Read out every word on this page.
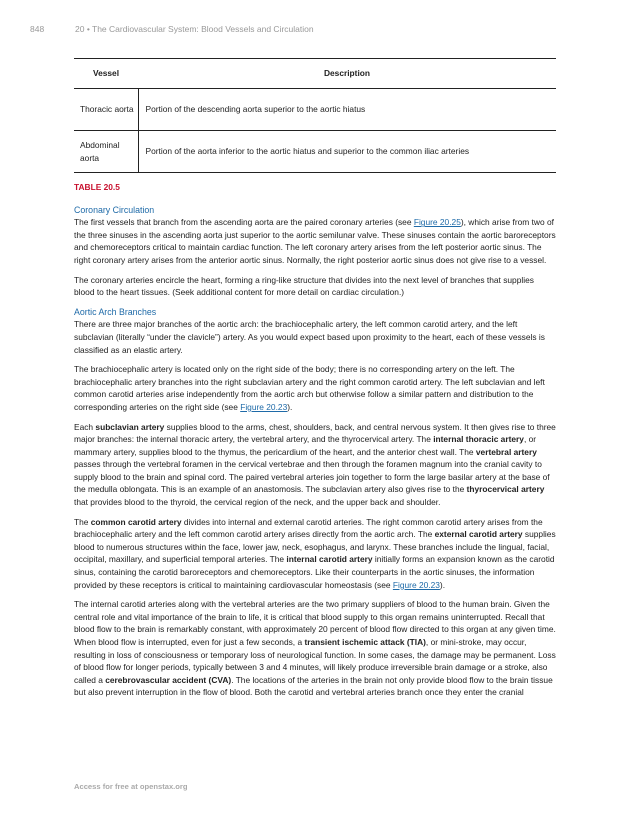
848	20 • The Cardiovascular System: Blood Vessels and Circulation
Vessel	Description
Thoracic aorta	Portion of the descending aorta superior to the aortic hiatus
Abdominal aorta	Portion of the aorta inferior to the aortic hiatus and superior to the common iliac arteries
TABLE 20.5
Coronary Circulation

The first vessels that branch from the ascending aorta are the paired coronary arteries (see Figure 20.25), which arise from two of the three sinuses in the ascending aorta just superior to the aortic semilunar valve. These sinuses contain the aortic baroreceptors and chemoreceptors critical to maintain cardiac function. The left coronary artery arises from the left posterior aortic sinus. The right coronary artery arises from the anterior aortic sinus. Normally, the right posterior aortic sinus does not give rise to a vessel.

The coronary arteries encircle the heart, forming a ring-like structure that divides into the next level of branches that supplies blood to the heart tissues. (Seek additional content for more detail on cardiac circulation.)

Aortic Arch Branches

There are three major branches of the aortic arch: the brachiocephalic artery, the left common carotid artery, and the left subclavian (literally “under the clavicle”) artery. As you would expect based upon proximity to the heart, each of these vessels is classified as an elastic artery.

The brachiocephalic artery is located only on the right side of the body; there is no corresponding artery on the left. The brachiocephalic artery branches into the right subclavian artery and the right common carotid artery. The left subclavian and left common carotid arteries arise independently from the aortic arch but otherwise follow a similar pattern and distribution to the corresponding arteries on the right side (see Figure 20.23).

Each subclavian artery supplies blood to the arms, chest, shoulders, back, and central nervous system. It then gives rise to three major branches: the internal thoracic artery, the vertebral artery, and the thyrocervical artery. The internal thoracic artery, or mammary artery, supplies blood to the thymus, the pericardium of the heart, and the anterior chest wall. The vertebral artery passes through the vertebral foramen in the cervical vertebrae and then through the foramen magnum into the cranial cavity to supply blood to the brain and spinal cord. The paired vertebral arteries join together to form the large basilar artery at the base of the medulla oblongata. This is an example of an anastomosis. The subclavian artery also gives rise to the thyrocervical artery that provides blood to the thyroid, the cervical region of the neck, and the upper back and shoulder.

The common carotid artery divides into internal and external carotid arteries. The right common carotid artery arises from the brachiocephalic artery and the left common carotid artery arises directly from the aortic arch. The external carotid artery supplies blood to numerous structures within the face, lower jaw, neck, esophagus, and larynx. These branches include the lingual, facial, occipital, maxillary, and superficial temporal arteries. The internal carotid artery initially forms an expansion known as the carotid sinus, containing the carotid baroreceptors and chemoreceptors. Like their counterparts in the aortic sinuses, the information provided by these receptors is critical to maintaining cardiovascular homeostasis (see Figure 20.23).

The internal carotid arteries along with the vertebral arteries are the two primary suppliers of blood to the human brain. Given the central role and vital importance of the brain to life, it is critical that blood supply to this organ remains uninterrupted. Recall that blood flow to the brain is remarkably constant, with approximately 20 percent of blood flow directed to this organ at any given time. When blood flow is interrupted, even for just a few seconds, a transient ischemic attack (TIA), or mini-stroke, may occur, resulting in loss of consciousness or temporary loss of neurological function. In some cases, the damage may be permanent. Loss of blood flow for longer periods, typically between 3 and 4 minutes, will likely produce irreversible brain damage or a stroke, also called a cerebrovascular accident (CVA). The locations of the arteries in the brain not only provide blood flow to the brain tissue but also prevent interruption in the flow of blood. Both the carotid and vertebral arteries branch once they enter the cranial

Access for free at openstax.org
